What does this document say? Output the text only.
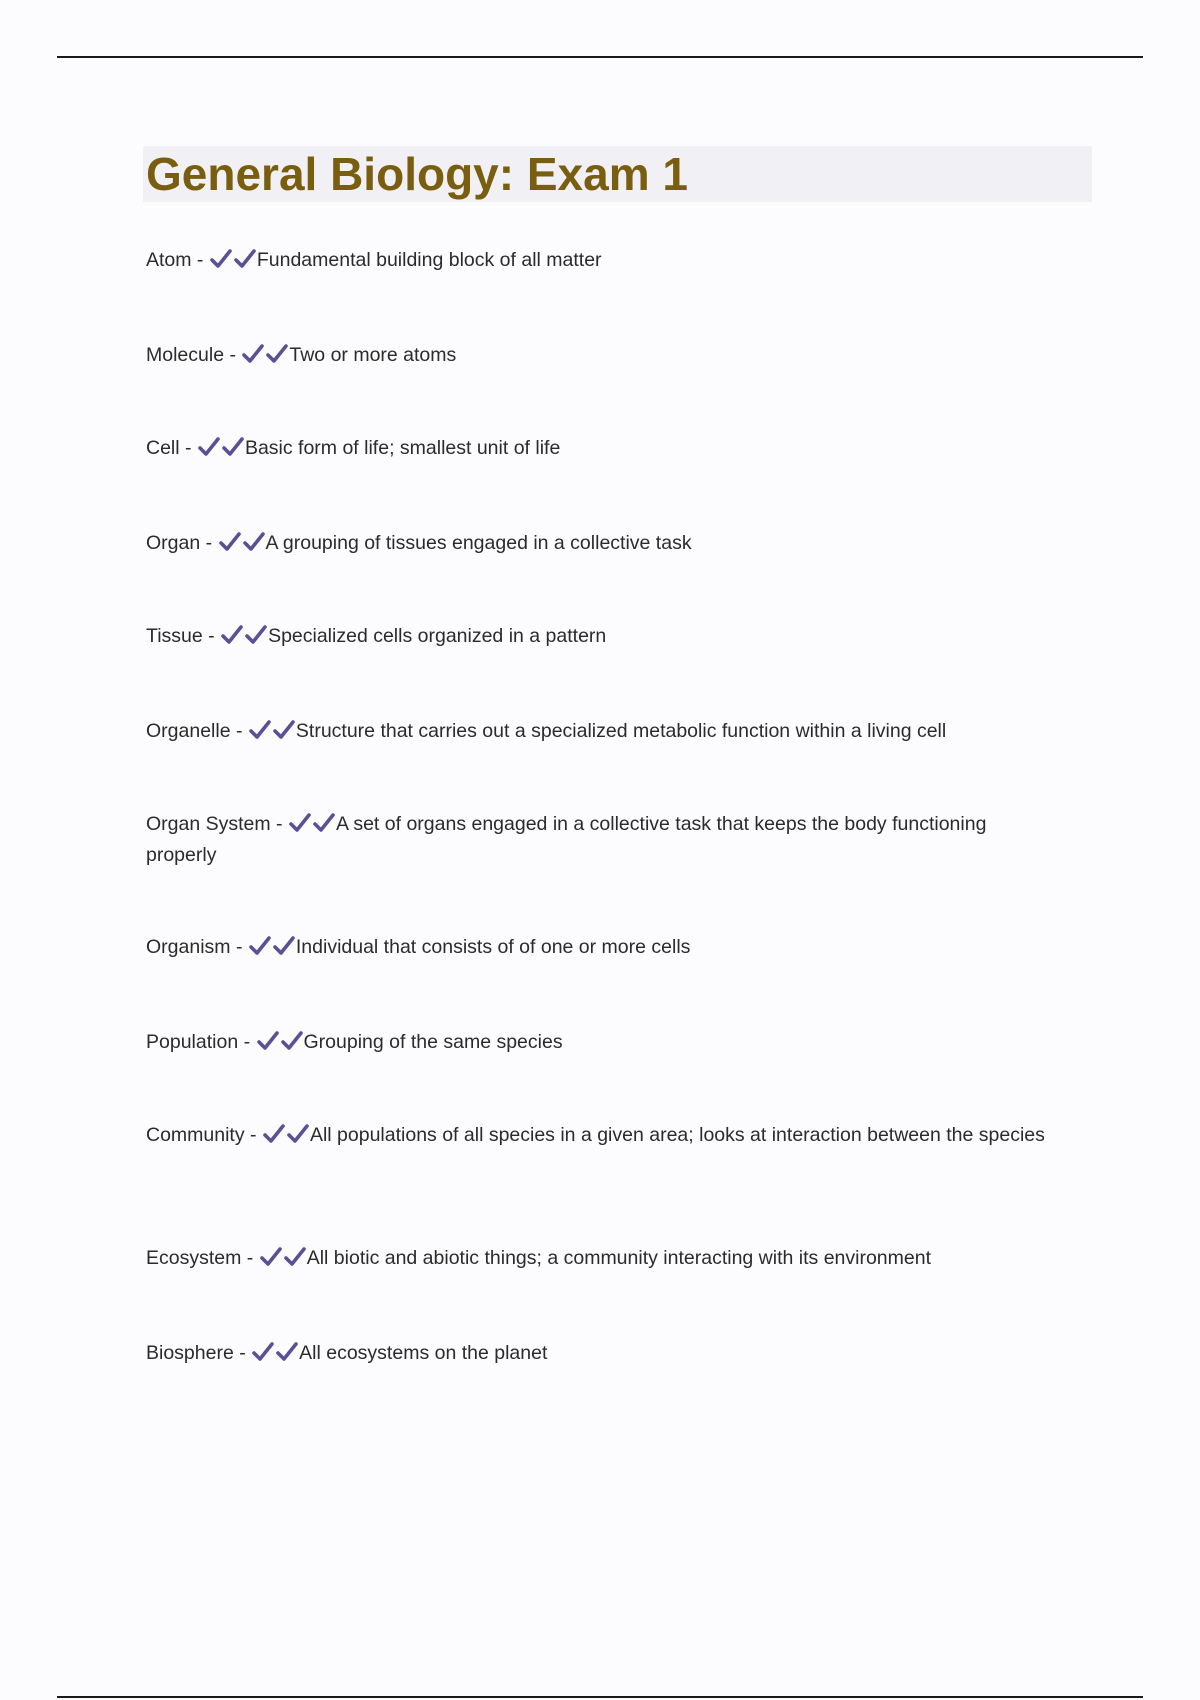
General Biology: Exam 1
Atom -
Fundamental building block of all matter
Molecule -
Two or more atoms
Cell -
Basic form of life; smallest unit of life
Organ -
A grouping of tissues engaged in a collective task
Tissue -
Specialized cells organized in a pattern
Organelle -
Structure that carries out a specialized metabolic function within a living cell
Organ System -
A set of organs engaged in a collective task that keeps the body functioning properly
Organism -
Individual that consists of of one or more cells
Population -
Grouping of the same species
Community -
All populations of all species in a given area; looks at interaction between the species
Ecosystem -
All biotic and abiotic things; a community interacting with its environment
Biosphere -
All ecosystems on the planet
